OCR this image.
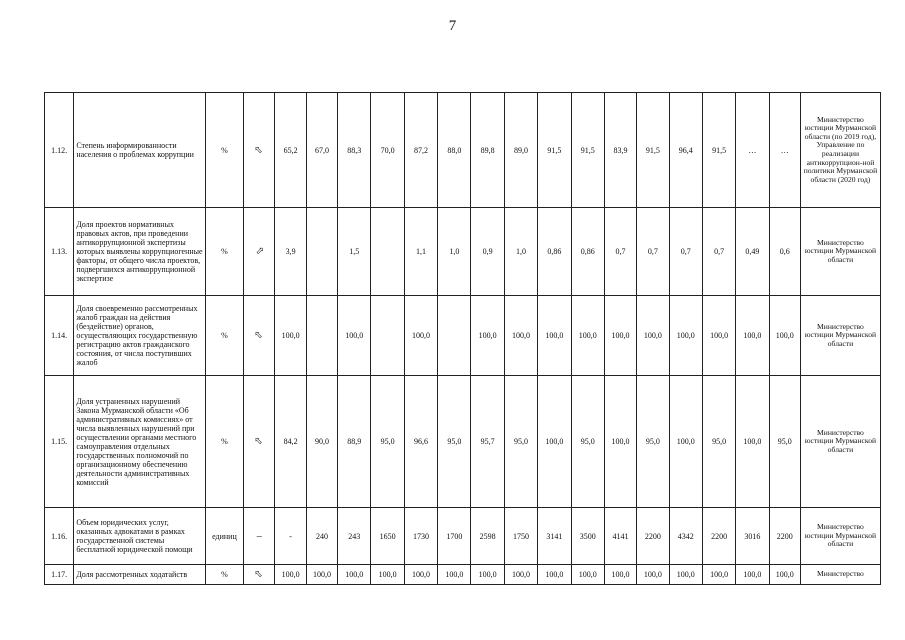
7
1.12.	Степень информированности населения о проблемах коррупции	%	⇧	65,2	67,0	88,3	70,0	87,2	88,0	89,8	89,0	91,5	91,5	83,9	91,5	96,4	91,5	…	…	Министерство юстиции Мурманской области (по 2019 год), Управление по реализации антикоррупцион-ной политики Мурманской области (2020 год)
1.13.	Доля проектов нормативных правовых актов, при проведении антикоррупционной экспертизы которых выявлены коррупциогенные факторы, от общего числа проектов, подвергшихся антикоррупционной экспертизе	%	⇧	3,9		1,5		1,1	1,0	0,9	1,0	0,86	0,86	0,7	0,7	0,7	0,7	0,49	0,6	Министерство юстиции Мурманской области
1.14.	Доля своевременно рассмотренных жалоб граждан на действия (бездействие) органов, осуществляющих государственную регистрацию актов гражданского состояния, от числа поступивших жалоб	%	⇧	100,0		100,0		100,0		100,0	100,0	100,0	100,0	100,0	100,0	100,0	100,0	100,0	100,0	Министерство юстиции Мурманской области
1.15.	Доля устраненных нарушений Закона Мурманской области «Об административных комиссиях» от числа выявленных нарушений при осуществлении органами местного самоуправления отдельных государственных полномочий по организационному обеспечению деятельности административных комиссий	%	⇧	84,2	90,0	88,9	95,0	96,6	95,0	95,7	95,0	100,0	95,0	100,0	95,0	100,0	95,0	100,0	95,0	Министерство юстиции Мурманской области
1.16.	Объем юридических услуг, оказанных адвокатами в рамках государственной системы бесплатной юридической помощи	единиц	–	-	240	243	1650	1730	1700	2598	1750	3141	3500	4141	2200	4342	2200	3016	2200	Министерство юстиции Мурманской области
1.17.	Доля рассмотренных ходатайств	%	⇧	100,0	100,0	100,0	100,0	100,0	100,0	100,0	100,0	100,0	100,0	100,0	100,0	100,0	100,0	100,0	100,0	Министерство
